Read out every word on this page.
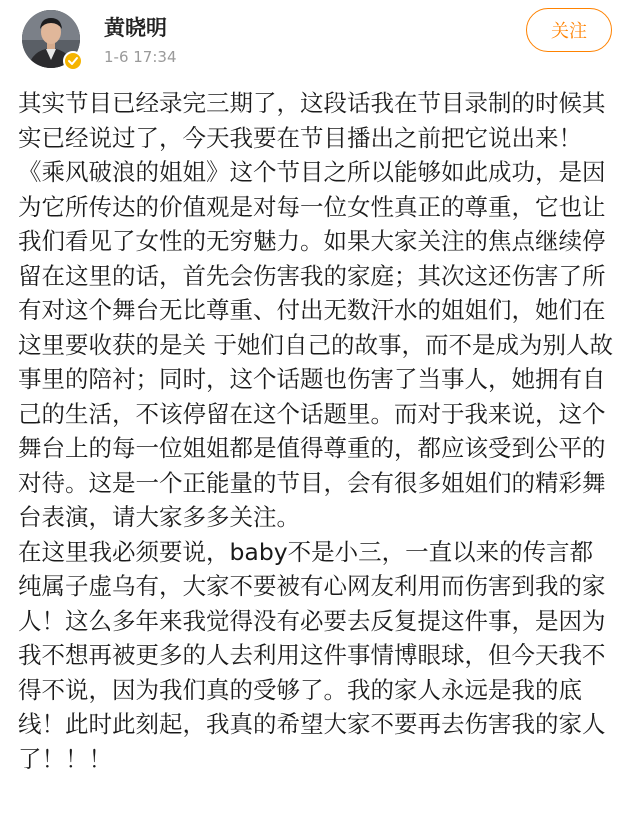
黄晓明
1-6 17:34
关注

其实节目已经录完三期了，这段话我在节目录制的时候其实已经说过了，今天我要在节目播出之前把它说出来！《乘风破浪的姐姐》这个节目之所以能够如此成功，是因为它所传达的价值观是对每一位女性真正的尊重，它也让我们看见了女性的无穷魅力。如果大家关注的焦点继续停留在这里的话，首先会伤害我的家庭；其次这还伤害了所有对这个舞台无比尊重、付出无数汗水的姐姐们，她们在这里要收获的是关 于她们自己的故事，而不是成为别人故事里的陪衬；同时，这个话题也伤害了当事人，她拥有自己的生活，不该停留在这个话题里。而对于我来说，这个舞台上的每一位姐姐都是值得尊重的，都应该受到公平的对待。这是一个正能量的节目，会有很多姐姐们的精彩舞台表演，请大家多多关注。

在这里我必须要说，baby不是小三，一直以来的传言都纯属子虚乌有，大家不要被有心网友利用而伤害到我的家人！这么多年来我觉得没有必要去反复提这件事，是因为我不想再被更多的人去利用这件事情博眼球，但今天我不得不说，因为我们真的受够了。我的家人永远是我的底线！此时此刻起，我真的希望大家不要再去伤害我的家人了！！！
